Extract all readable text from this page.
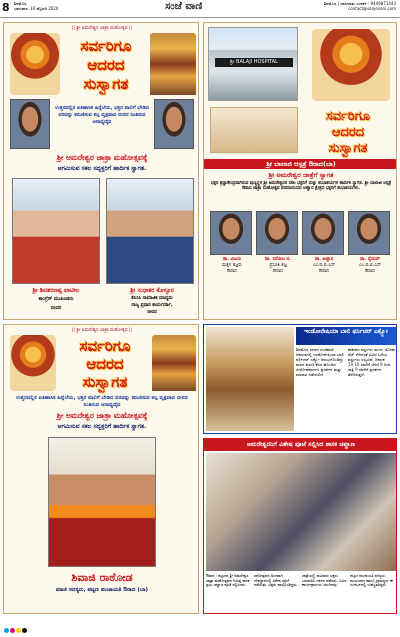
8 ಶಿವಮೊಗ್ಗ
ಭಾನುವಾರ, 16 ಫೆಬ್ರವರಿ 2020	ಸಂಜೆ ವಾಣಿ	ಶಿವಮೊಗ್ಗ | ಜಾಹೀರಾತು ಸಂಪರ್ಕ : 9449871443
contact@sanjevani.com
|| ಶ್ರೀ ಅಮರೇಶ್ವರ ಜಾತ್ರಾ ಮಹೋತ್ಸವ ||
ಸರ್ವರಿಗೂ
ಆದರದ
ಸುಸ್ವಾಗತ
ಉತ್ತರದಲ್ಲಿನ ಐತಿಹಾಸಿಕ ಹಿನ್ನೆಲೆಯ, ಭಕ್ತರ ಪಾಲಿಗೆ ಬೇಡಿದ ವರವನ್ನು ಕರುಣಿಸುವ ಕಲ್ಪ ವೃಕ್ಷವಾದ ಬೀರದ ನಿಂತಿರುವ ಆರಾಧ್ಯದೈವ
ಶ್ರೀ ಅಮರೇಶ್ವರ ಜಾತ್ರಾ ಮಹೋತ್ಸವಕ್ಕೆ
ಆಗಮಿಸುವ ಸಕಲ ಸದ್ಭಕ್ತರಿಗೆ ಹಾರ್ದಿಕ ಸ್ವಾಗತ.
ಶ್ರೀ ಶಿವಶರಣಪ್ಪ ಪಾಟೀಲ
ಕಾಂಗ್ರೆಸ್ ಮುಖಂಡರು
ಬೀದರ
ಶ್ರೀ ಸುಧಾಕರ ಕೊಳ್ಳೂರ
ಕೆಪಿಸಿಸಿ ಸಾಮಾಜಿಕ ಮಾಧ್ಯಮ
ರಾಜ್ಯ ಪ್ರಧಾನ ಕಾರ್ಯದರ್ಶಿ,
ಬೀದರ
ಶ್ರೀ BALAJI HOSPITAL
ಸರ್ವರಿಗೂ
ಆದರದ
ಸುಸ್ವಾಗತ
ಶ್ರೀ ಬಾಲಾಜಿ ಆಸ್ಪತ್ರೆ ಔರಾದ(ಬಾ)
ಶ್ರೀ ಅಮರೇಶ್ವರ ಜಾತ್ರೆಗೆ ಸ್ವಾಗತ
ಭಕ್ತರ ಶ್ರದ್ಧಾಕೇಂದ್ರವಾಗಿರುವ ಪುಣ್ಯಸ್ಥಳ ಶ್ರೀ ಅಮರೇಶ್ವರನ ಸಕಲ ಭಕ್ತರಿಗೆ ಮತ್ತು ಶುಭಾಶಯಗಳ ಹಾರ್ದಿಕ ಸ್ವಾಗತ. ಶ್ರೀ ಬಾಲಾಜಿ ಆಸ್ಪತ್ರೆ ಔರಾದ ಜಾತ್ರಾ ಮಹೋತ್ಸವ ಪರಮಾನಂದದ ಆಹ್ವಾನ ಕ್ಷೇತ್ರದ ಭಕ್ತರಿಗೆ ಶುಭಾಶಯಗಳು.
ಡಾ. ವಿಜಯ
ಮಕ್ಕಳ ತಜ್ಞರು
ಔರಾದ
ಡಾ. ಸರೋಜ ಬಿ.
ಪ್ರಸೂತಿ ತಜ್ಞ
ಔರಾದ
ಡಾ. ಅಜ್ಞಾನ
ಎಂ.ಬಿ.ಬಿ.ಎಸ್
ಔರಾದ
ಡಾ. ಸೈಯದ್
ಎಂ.ಬಿ.ಬಿ.ಎಸ್
ಔರಾದ
|| ಶ್ರೀ ಅಮರೇಶ್ವರ ಜಾತ್ರಾ ಮಹೋತ್ಸವ ||
ಸರ್ವರಿಗೂ
ಆದರದ
ಸುಸ್ವಾಗತ
ಉತ್ತರದಲ್ಲಿನ ಐತಿಹಾಸಿಕ ಹಿನ್ನೆಲೆಯ, ಭಕ್ತರ ಪಾಲಿಗೆ ಬೇಡಿದ ವರವನ್ನು ಕರುಣಿಸುವ ಕಲ್ಪ ವೃಕ್ಷವಾದ ಬೀರದ ನಿಂತಿರುವ ಆರಾಧ್ಯದೈವ
ಶ್ರೀ ಅಮರೇಶ್ವರ ಜಾತ್ರಾ ಮಹೋತ್ಸವಕ್ಕೆ
ಆಗಮಿಸುವ ಸಕಲ ಸದ್ಭಕ್ತರಿಗೆ ಹಾರ್ದಿಕ ಸ್ವಾಗತ.
ಶಿವಾಜಿ ರಾಠೋಡ
ಮಾಜಿ ಸದಸ್ಯರು, ಪಟ್ಟಣ ಪಂಚಾಯತಿ ಔರಾದ (ಬಾ)
ಇಂಡೋನೇಷಿಯಾ ಬಾಲಿ ಫರ್ನಿಚರ್ ಎಕ್ಸ್ಪೋ
ಶಿವಮೊಗ್ಗ ನಗರದ ಸಂಜೆವಾಣಿ ಆವರಣದಲ್ಲಿ ಇಂಡೋನೇಷಿಯಾ ಬಾಲಿ ಫರ್ನಿಚರ್ ಎಕ್ಸ್ಪೋ ಆರಂಭಗೊಂಡಿದ್ದು ಮರದ ಕುಸುರಿ ಕೆಲಸ ಹೊಂದಿದ ಪೀಠೋಪಕರಣಗಳ ಪ್ರದರ್ಶನ ಮತ್ತು ಮಾರಾಟ ನಡೆಯಲಿದೆ.
ಕರಕುಶಲ ವಸ್ತುಗಳು ಮಂಚ, ಸೋಫಾ ಸೆಟ್ ಸೇರಿದಂತೆ ವಿವಿಧ ಬಗೆಯ ವಸ್ತುಗಳು ಲಭ್ಯವಿವೆ. ದಿನಾಂಕ 19.10 ರವರೆಗೆ ಬೆಳಿಗ್ಗೆ 9 ರಿಂದ ರಾತ್ರಿ 9 ರವರೆಗೆ ಪ್ರದರ್ಶನ ತೆರೆದಿರುತ್ತದೆ.
ಅಮರೇಶ್ವರನಿಗೆ ವಿಶೇಷ ಪೂಜೆ ಸಲ್ಲಿಸಿದ ಶಾಸಕ ಚವ್ಹಾಣ
ಔರಾದ : ಪಟ್ಟಣದ ಶ್ರೀ ಅಮರೇಶ್ವರ ಜಾತ್ರಾ ಮಹೋತ್ಸವದ ನಿಮಿತ್ತ ಶಾಸಕ ಪ್ರಭು ಚವ್ಹಾಣ ಪೂಜೆ ಸಲ್ಲಿಸಿದರು.
ರಥೋತ್ಸವದ ಅಂಗವಾಗಿ ದೇವಸ್ಥಾನದಲ್ಲಿ ವಿಶೇಷ ಪೂಜೆ ನಡೆಯಿತು. ಭಕ್ತರು ಪಾಲ್ಗೊಂಡಿದ್ದರು.
ಜಾತ್ರೆಯಲ್ಲಿ ಸಾವಿರಾರು ಭಕ್ತರು ಭಾಗವಹಿಸಿ ದರ್ಶನ ಪಡೆದರು. ವಿವಿಧ ಕಾರ್ಯಕ್ರಮಗಳು ಜರುಗಿದವು.
ಪಟ್ಟಣ ಪಂಚಾಯತಿ ಸದಸ್ಯರು, ಮುಖಂಡರು ಹಾಗೂ ಗ್ರಾಮಸ್ಥರು ಈ ಸಂದರ್ಭದಲ್ಲಿ ಉಪಸ್ಥಿತರಿದ್ದರು.
